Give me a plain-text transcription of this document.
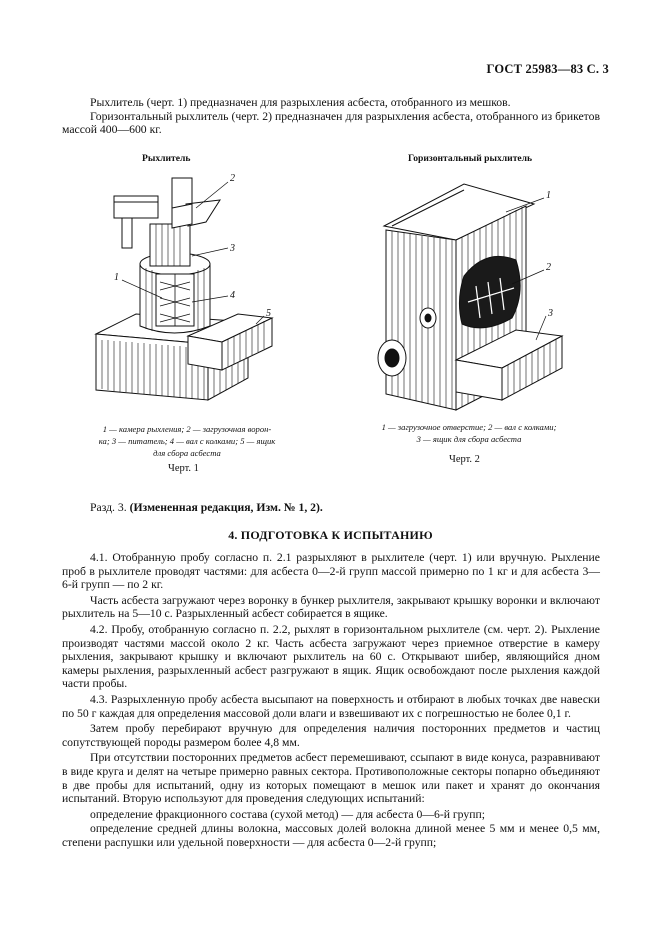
ГОСТ 25983—83 С. 3

Рыхлитель (черт. 1) предназначен для разрыхления асбеста, отобранного из мешков.

Горизонтальный рыхлитель (черт. 2) предназначен для разрыхления асбеста, отобранного из брикетов массой 400—600 кг.

Рыхлитель
2
3
1
4
5
1 — камера рыхления; 2 — загрузочная ворон-
ка; 3 — питатель; 4 — вал с колками; 5 — ящик
для сбора асбеста
Черт. 1
Горизонтальный рыхлитель
1
2
3
1 — загрузочное отверстие; 2 — вал с колками;
3 — ящик для сбора асбеста
Черт. 2
Разд. 3. (Измененная редакция, Изм. № 1, 2).
4. ПОДГОТОВКА К ИСПЫТАНИЮ

4.1. Отобранную пробу согласно п. 2.1 разрыхляют в рыхлителе (черт. 1) или вручную. Рыхление проб в рыхлителе проводят частями: для асбеста 0—2-й групп массой примерно по 1 кг и для асбеста 3—6-й групп — по 2 кг.

Часть асбеста загружают через воронку в бункер рыхлителя, закрывают крышку воронки и включают рыхлитель на 5—10 с. Разрыхленный асбест собирается в ящике.

4.2. Пробу, отобранную согласно п. 2.2, рыхлят в горизонтальном рыхлителе (см. черт. 2). Рыхление производят частями массой около 2 кг. Часть асбеста загружают через приемное отверстие в камеру рыхления, закрывают крышку и включают рыхлитель на 60 с. Открывают шибер, являющийся дном камеры рыхления, разрыхленный асбест разгружают в ящик. Ящик освобождают после рыхления каждой части пробы.

4.3. Разрыхленную пробу асбеста высыпают на поверхность и отбирают в любых точках две навески по 50 г каждая для определения массовой доли влаги и взвешивают их с погрешностью не более 0,1 г.

Затем пробу перебирают вручную для определения наличия посторонних предметов и частиц сопутствующей породы размером более 4,8 мм.

При отсутствии посторонних предметов асбест перемешивают, ссыпают в виде конуса, разравнивают в виде круга и делят на четыре примерно равных сектора. Противоположные секторы попарно объединяют в две пробы для испытаний, одну из которых помещают в мешок или пакет и хранят до окончания испытаний. Вторую используют для проведения следующих испытаний:

определение фракционного состава (сухой метод) — для асбеста 0—6-й групп;

определение средней длины волокна, массовых долей волокна длиной менее 5 мм и менее 0,5 мм, степени распушки или удельной поверхности — для асбеста 0—2-й групп;
